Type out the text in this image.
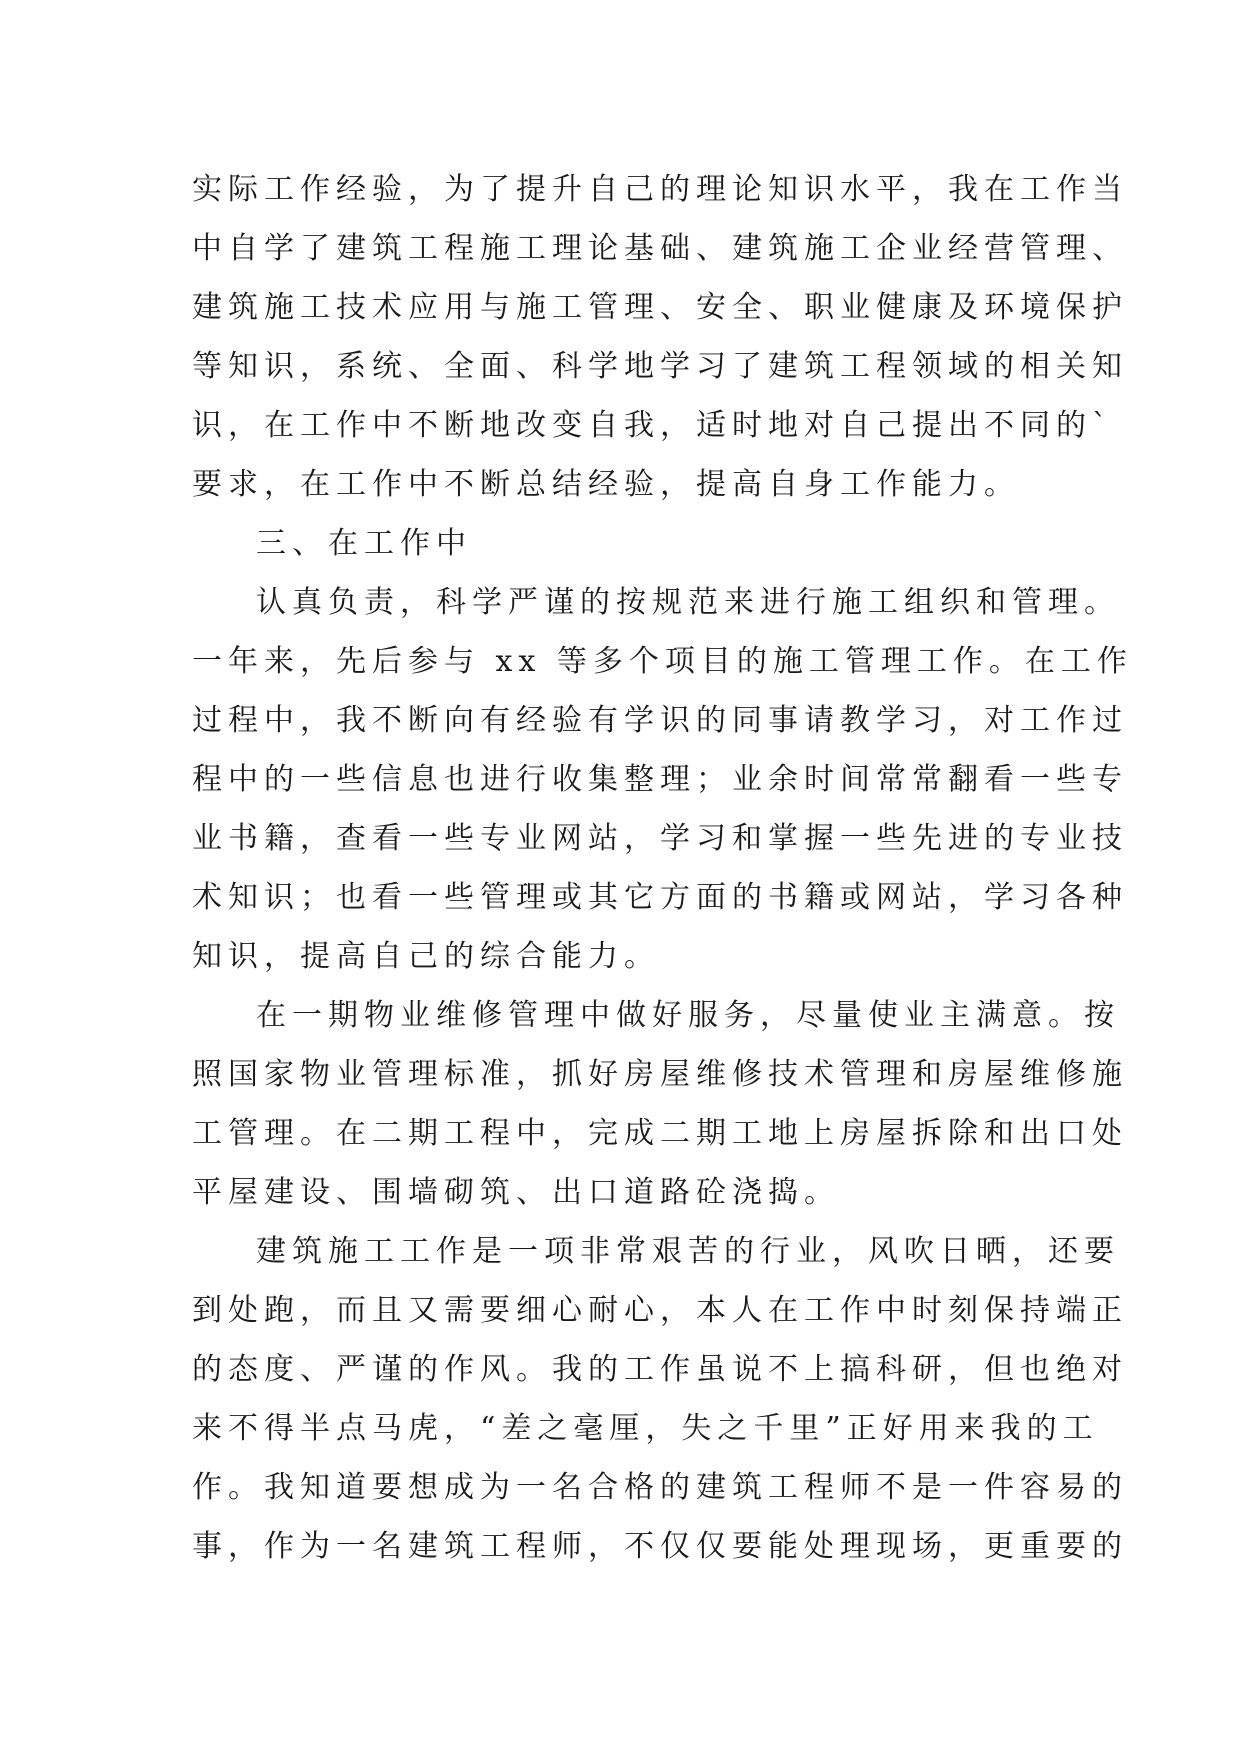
实际工作经验，为了提升自己的理论知识水平，我在工作当
中自学了建筑工程施工理论基础、建筑施工企业经营管理、
建筑施工技术应用与施工管理、安全、职业健康及环境保护
等知识，系统、全面、科学地学习了建筑工程领域的相关知
识，在工作中不断地改变自我，适时地对自己提出不同的`
要求，在工作中不断总结经验，提高自身工作能力。
三、在工作中
认真负责，科学严谨的按规范来进行施工组织和管理。
一年来，先后参与 xx 等多个项目的施工管理工作。在工作
过程中，我不断向有经验有学识的同事请教学习，对工作过
程中的一些信息也进行收集整理；业余时间常常翻看一些专
业书籍，查看一些专业网站，学习和掌握一些先进的专业技
术知识；也看一些管理或其它方面的书籍或网站，学习各种
知识，提高自己的综合能力。
在一期物业维修管理中做好服务，尽量使业主满意。按
照国家物业管理标准，抓好房屋维修技术管理和房屋维修施
工管理。在二期工程中，完成二期工地上房屋拆除和出口处
平屋建设、围墙砌筑、出口道路砼浇捣。
建筑施工工作是一项非常艰苦的行业，风吹日晒，还要
到处跑，而且又需要细心耐心，本人在工作中时刻保持端正
的态度、严谨的作风。我的工作虽说不上搞科研，但也绝对
来不得半点马虎，“差之毫厘，失之千里”正好用来我的工
作。我知道要想成为一名合格的建筑工程师不是一件容易的
事，作为一名建筑工程师，不仅仅要能处理现场，更重要的
